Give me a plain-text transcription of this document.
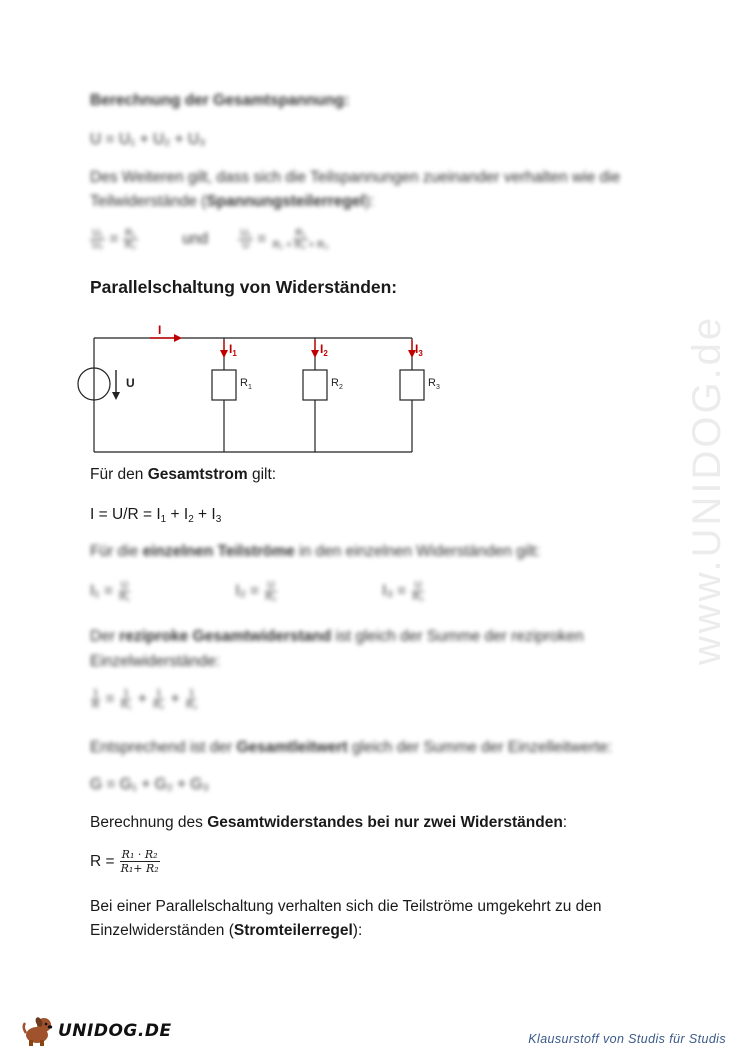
www.UNIDOG.de
Berechnung der Gesamtspannung:
U = U₁ + U₂ + U₃
Des Weiteren gilt, dass sich die Teilspannungen zueinander verhalten wie die
Teilwiderstände (Spannungsteilerregel):
$\frac{\text{U₁}}{\text{U₂}} = \frac{\text{R₁}}{\text{R₂}}$	und	$\frac{\text{U₁}}{U} = \frac{\text{R₁}}{\text{R₁ + R₂ + R₃}}$
Parallelschaltung von Widerständen:
U
I
$I_1$	$I_2$	$I_3$
$R_1$	$R_2$	$R_3$
Für den Gesamtstrom gilt:
$I = U/R = I_1 + I_2 + I_3$
Für die einzelnen Teilströme in den einzelnen Widerständen gilt:
$I_1 = \frac{U}{\text{R₁}}$	$I_2 = \frac{U}{\text{R₂}}$	$I_3 = \frac{U}{\text{R₃}}$
Der reziproke Gesamtwiderstand ist gleich der Summe der reziproken
Einzelwiderstände:
$\frac{1}{R} = \frac{1}{\text{R₁}} + \frac{1}{\text{R₂}} + \frac{1}{\text{R₃}}$
Entsprechend ist der Gesamtleitwert gleich der Summe der Einzelleitwerte:
G = G₁ + G₂ + G₃
Berechnung des Gesamtwiderstandes bei nur zwei Widerständen:
$R = \frac{\text{R₁ · R₂}}{\text{R₁+ R₂}}$
Bei einer Parallelschaltung verhalten sich die Teilströme umgekehrt zu den
Einzelwiderständen (Stromteilerregel):
UNIDOG.DE	Klausurstoff von Studis für Studis
